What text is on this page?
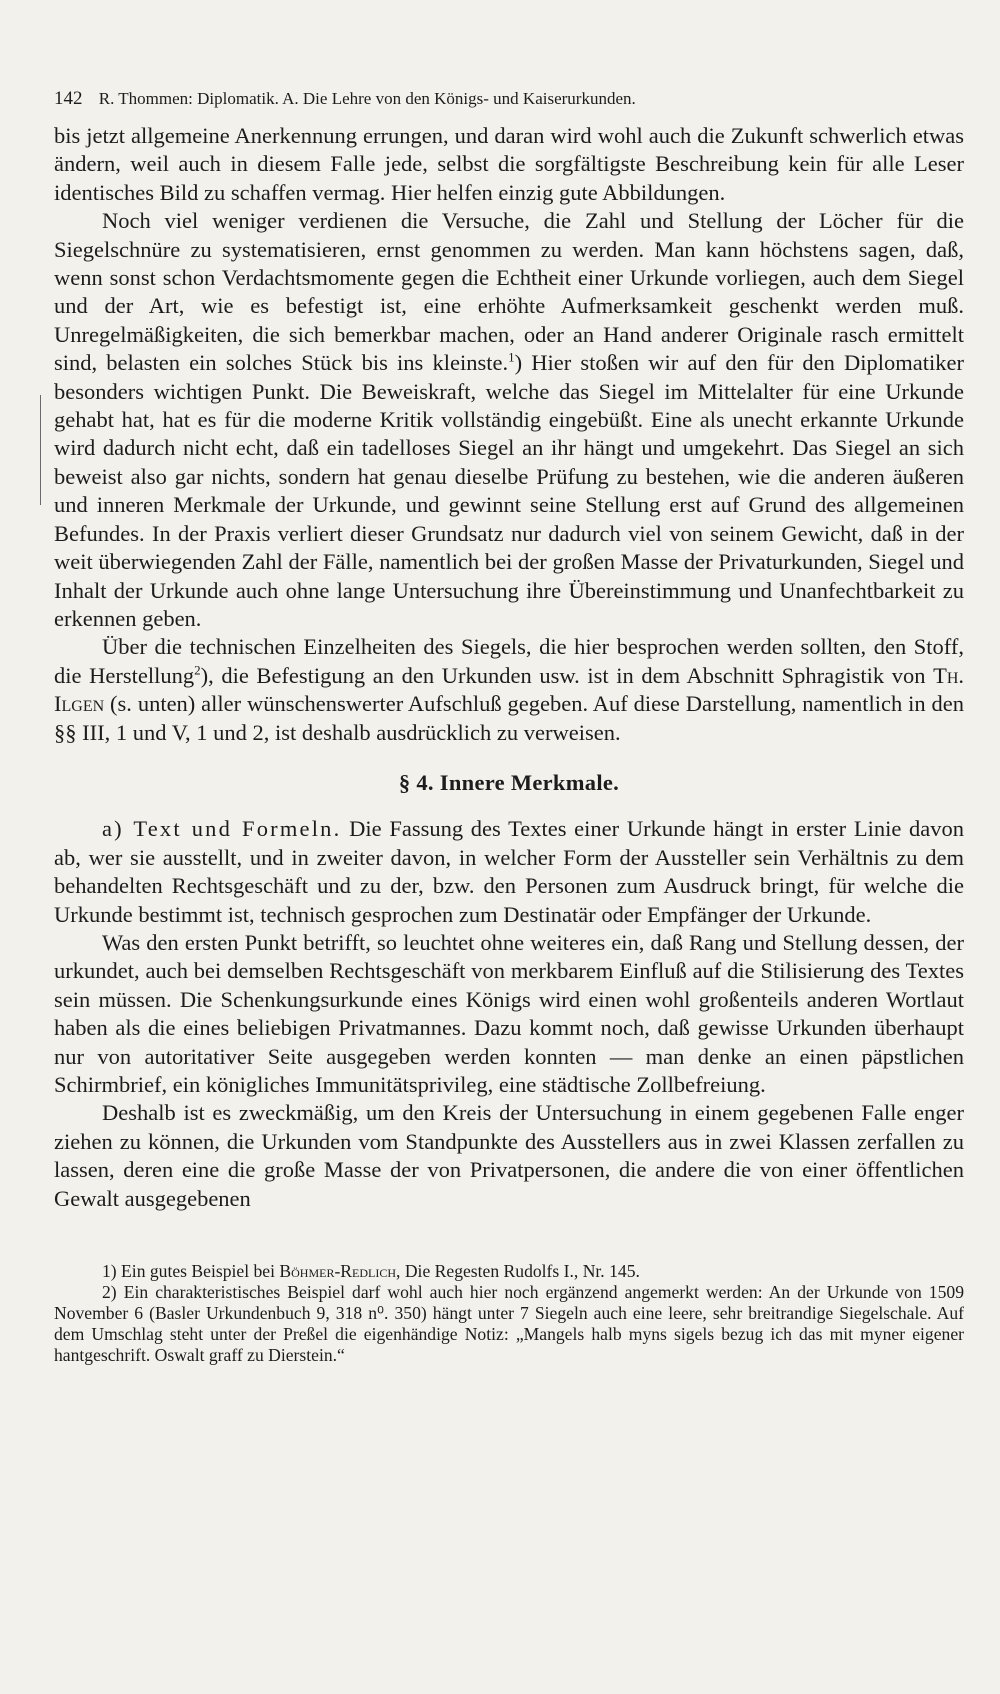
142 R. Thommen: Diplomatik. A. Die Lehre von den Königs- und Kaiserurkunden.

bis jetzt allgemeine Anerkennung errungen, und daran wird wohl auch die Zukunft schwerlich etwas ändern, weil auch in diesem Falle jede, selbst die sorgfältigste Beschreibung kein für alle Leser identisches Bild zu schaffen vermag. Hier helfen einzig gute Abbildungen.

Noch viel weniger verdienen die Versuche, die Zahl und Stellung der Löcher für die Siegelschnüre zu systematisieren, ernst genommen zu werden. Man kann höchstens sagen, daß, wenn sonst schon Verdachtsmomente gegen die Echtheit einer Urkunde vorliegen, auch dem Siegel und der Art, wie es befestigt ist, eine erhöhte Aufmerksamkeit geschenkt werden muß. Unregelmäßigkeiten, die sich bemerkbar machen, oder an Hand anderer Originale rasch ermittelt sind, belasten ein solches Stück bis ins kleinste.$^1$) Hier stoßen wir auf den für den Diplomatiker besonders wichtigen Punkt. Die Beweiskraft, welche das Siegel im Mittelalter für eine Urkunde gehabt hat, hat es für die moderne Kritik vollständig eingebüßt. Eine als unecht erkannte Urkunde wird dadurch nicht echt, daß ein tadelloses Siegel an ihr hängt und umgekehrt. Das Siegel an sich beweist also gar nichts, sondern hat genau dieselbe Prüfung zu bestehen, wie die anderen äußeren und inneren Merkmale der Urkunde, und gewinnt seine Stellung erst auf Grund des allgemeinen Befundes. In der Praxis verliert dieser Grundsatz nur dadurch viel von seinem Gewicht, daß in der weit überwiegenden Zahl der Fälle, namentlich bei der großen Masse der Privaturkunden, Siegel und Inhalt der Urkunde auch ohne lange Untersuchung ihre Übereinstimmung und Unanfechtbarkeit zu erkennen geben.

Über die technischen Einzelheiten des Siegels, die hier besprochen werden sollten, den Stoff, die Herstellung$^2$), die Befestigung an den Urkunden usw. ist in dem Abschnitt Sphragistik von Th. Ilgen (s. unten) aller wünschenswerter Aufschluß gegeben. Auf diese Darstellung, namentlich in den §§ III, 1 und V, 1 und 2, ist deshalb ausdrücklich zu verweisen.

§ 4. Innere Merkmale.

a) Text und Formeln. Die Fassung des Textes einer Urkunde hängt in erster Linie davon ab, wer sie ausstellt, und in zweiter davon, in welcher Form der Aussteller sein Verhältnis zu dem behandelten Rechtsgeschäft und zu der, bzw. den Personen zum Ausdruck bringt, für welche die Urkunde bestimmt ist, technisch gesprochen zum Destinatär oder Empfänger der Urkunde.

Was den ersten Punkt betrifft, so leuchtet ohne weiteres ein, daß Rang und Stellung dessen, der urkundet, auch bei demselben Rechtsgeschäft von merkbarem Einfluß auf die Stilisierung des Textes sein müssen. Die Schenkungsurkunde eines Königs wird einen wohl großenteils anderen Wortlaut haben als die eines beliebigen Privatmannes. Dazu kommt noch, daß gewisse Urkunden überhaupt nur von autoritativer Seite ausgegeben werden konnten — man denke an einen päpstlichen Schirmbrief, ein königliches Immunitätsprivileg, eine städtische Zollbefreiung.

Deshalb ist es zweckmäßig, um den Kreis der Untersuchung in einem gegebenen Falle enger ziehen zu können, die Urkunden vom Standpunkte des Ausstellers aus in zwei Klassen zerfallen zu lassen, deren eine die große Masse der von Privatpersonen, die andere die von einer öffentlichen Gewalt ausgegebenen

1) Ein gutes Beispiel bei Böhmer-Redlich, Die Regesten Rudolfs I., Nr. 145.

2) Ein charakteristisches Beispiel darf wohl auch hier noch ergänzend angemerkt werden: An der Urkunde von 1509 November 6 (Basler Urkundenbuch 9, 318 n⁰. 350) hängt unter 7 Siegeln auch eine leere, sehr breitrandige Siegelschale. Auf dem Umschlag steht unter der Preßel die eigenhändige Notiz: „Mangels halb myns sigels bezug ich das mit myner eigener hantgeschrift. Oswalt graff zu Dierstein.“
